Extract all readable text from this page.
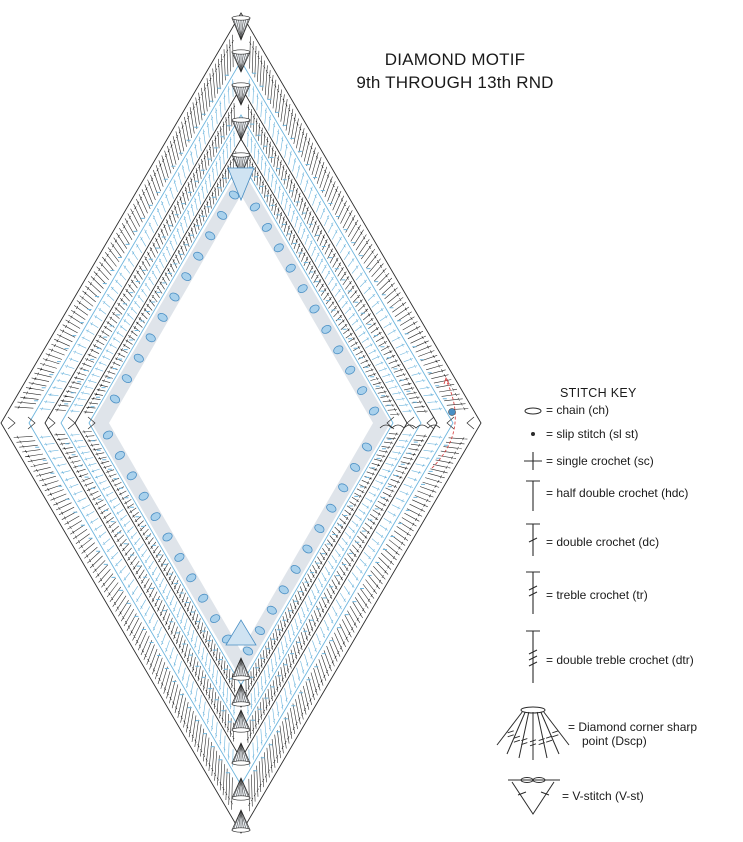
DIAMOND MOTIF
9th THROUGH 13th RND
STITCH KEY
= chain (ch)
= slip stitch (sl st)
= single crochet (sc)
= half double crochet (hdc)
= double crochet (dc)
= treble crochet (tr)
= double treble crochet (dtr)
= Diamond corner sharp
point (Dscp)
= V-stitch (V-st)
